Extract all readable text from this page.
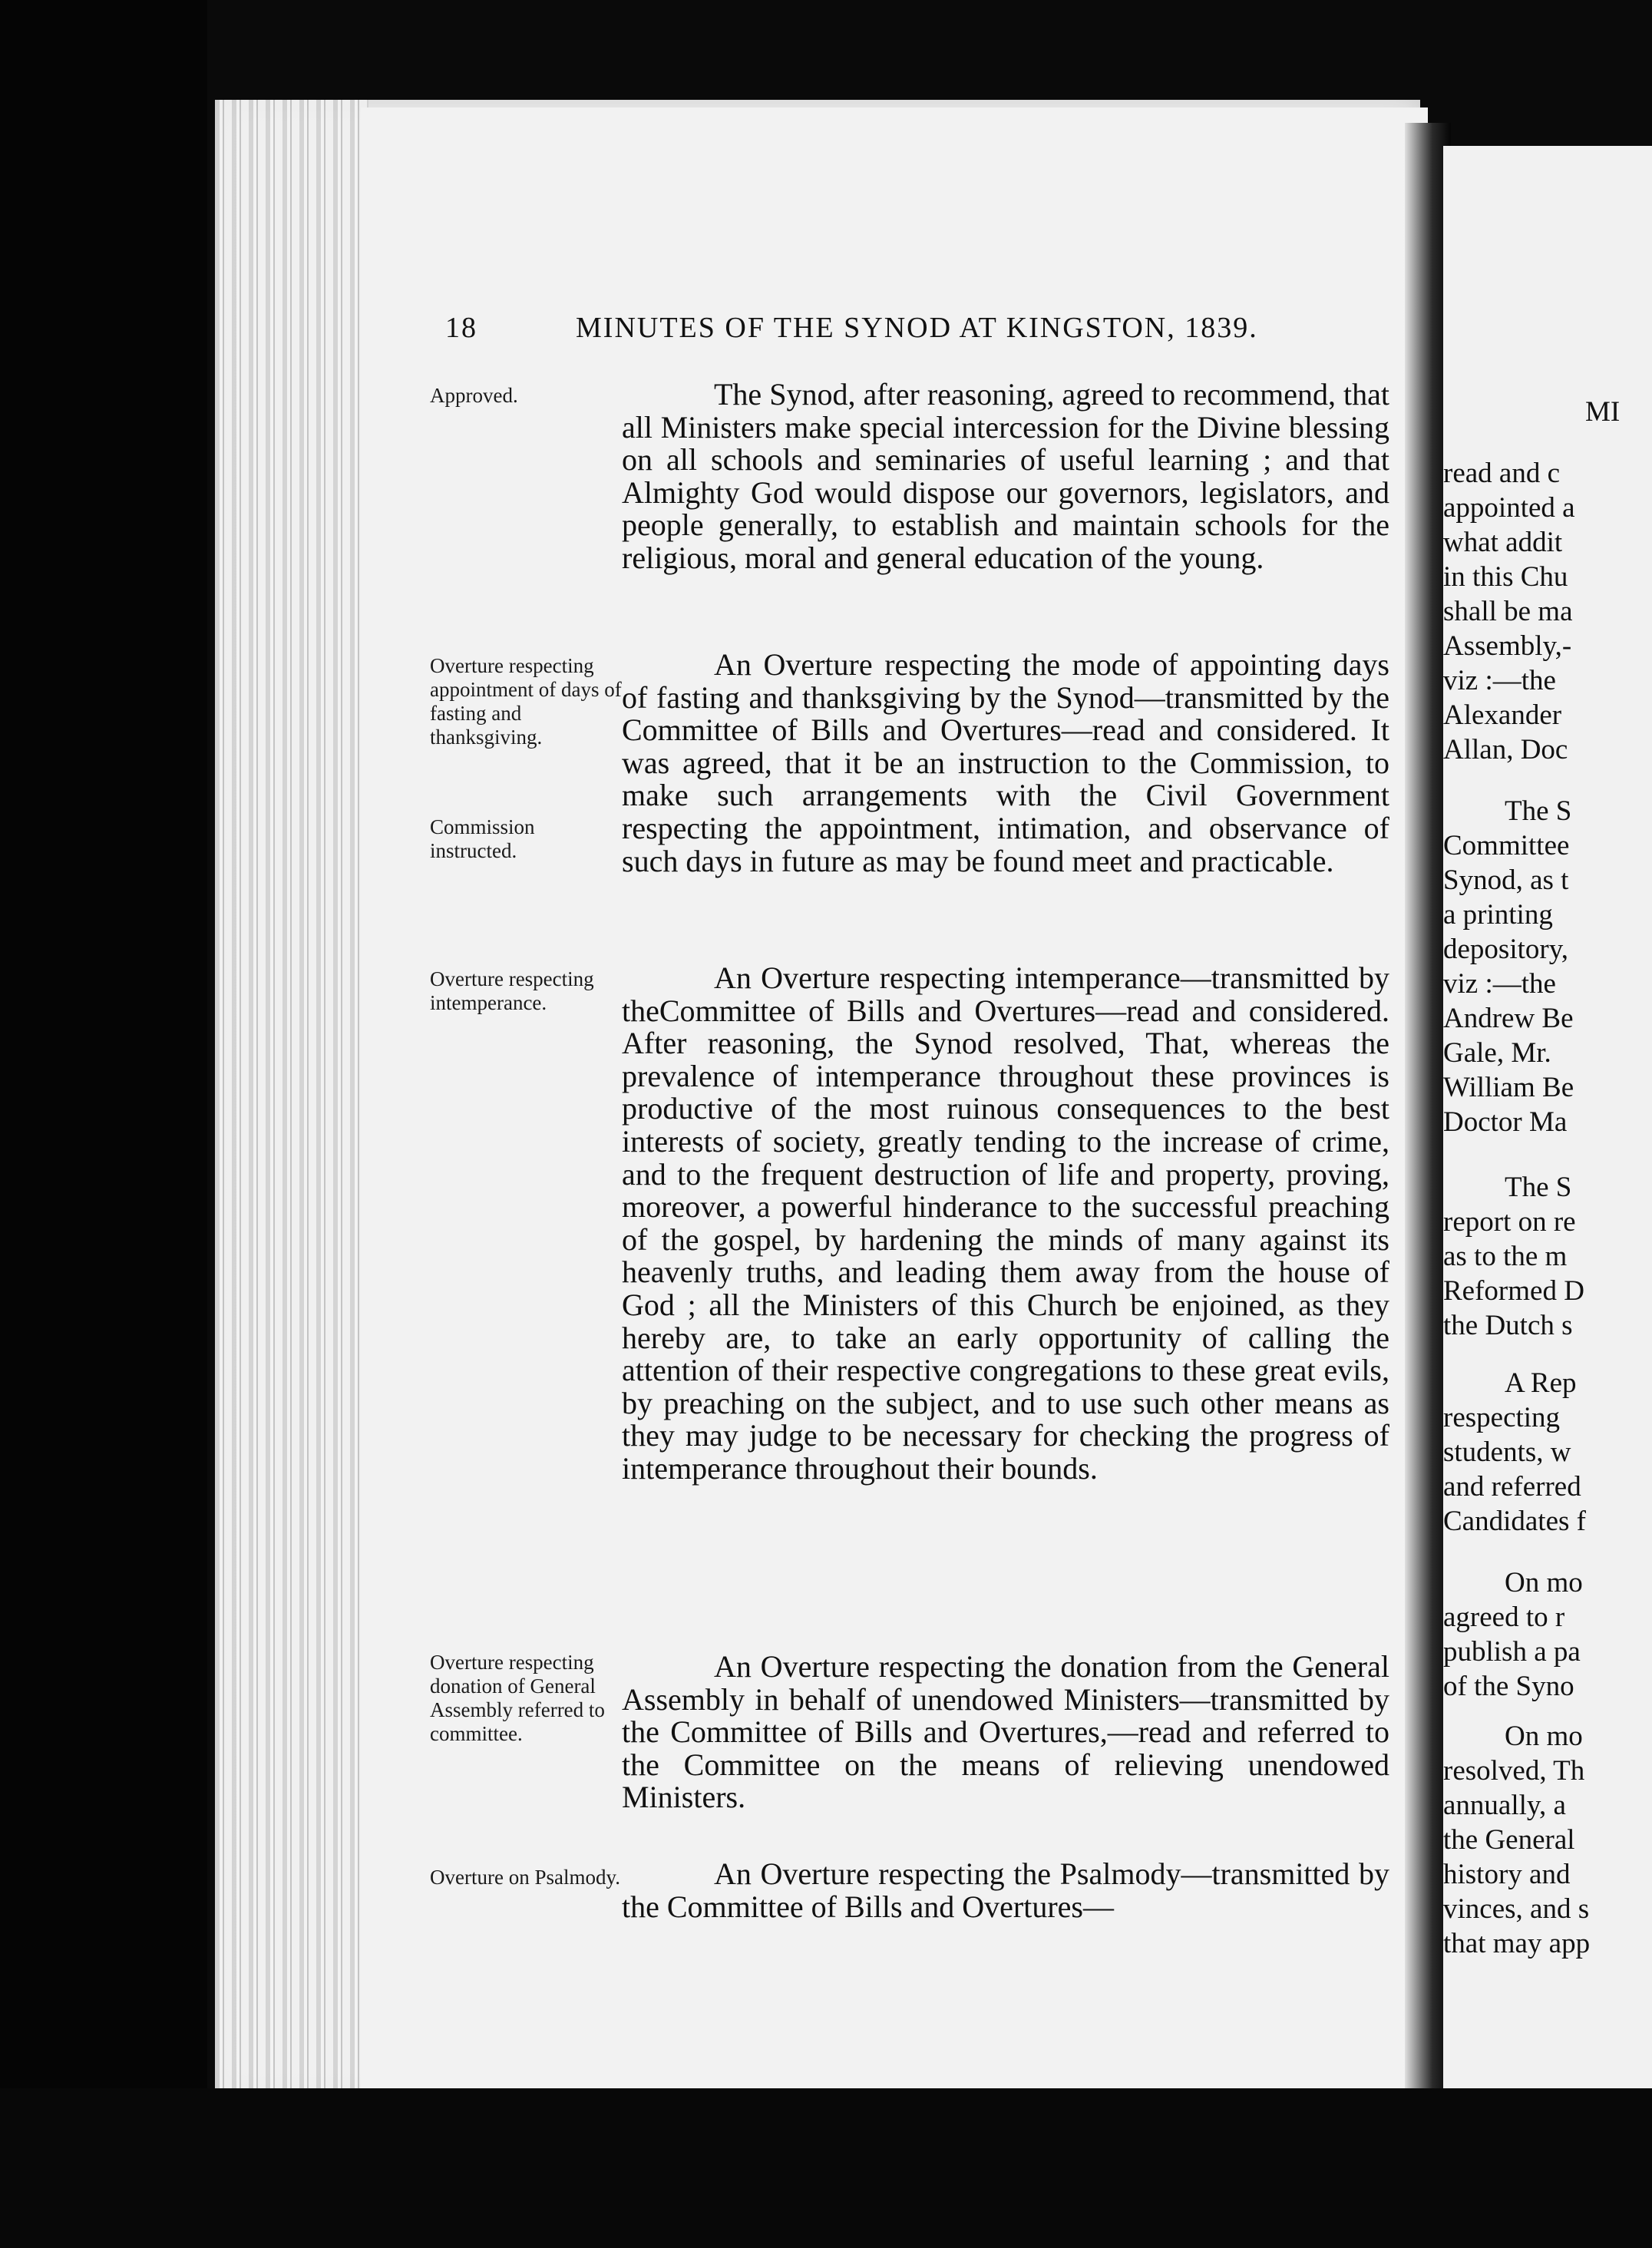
18	MINUTES OF THE SYNOD AT KINGSTON, 1839.
Approved.
Overture respecting appointment of days of fasting and thanksgiving.
Commission instructed.
Overture respecting intemperance.
Overture respecting donation of General Assembly referred to committee.
Overture on Psalmody.
The Synod, after reasoning, agreed to recommend, that all Ministers make special intercession for the Divine blessing on all schools and seminaries of useful learning ; and that Almighty God would dispose our governors, legislators, and people generally, to establish and maintain schools for the religious, moral and general education of the young.
An Overture respecting the mode of appointing days of fasting and thanksgiving by the Synod—transmitted by the Committee of Bills and Overtures—read and considered. It was agreed, that it be an instruction to the Commission, to make such arrangements with the Civil Government respecting the appointment, intimation, and observance of such days in future as may be found meet and practicable.
An Overture respecting intemperance—transmitted by theCommittee of Bills and Overtures—read and considered. After reasoning, the Synod resolved, That, whereas the prevalence of intemperance throughout these provinces is productive of the most ruinous consequences to the best interests of society, greatly tending to the increase of crime, and to the frequent destruction of life and property, proving, moreover, a powerful hinderance to the successful preaching of the gospel, by hardening the minds of many against its heavenly truths, and leading them away from the house of God ; all the Ministers of this Church be enjoined, as they hereby are, to take an early opportunity of calling the attention of their respective congregations to these great evils, by preaching on the subject, and to use such other means as they may judge to be necessary for checking the progress of intemperance throughout their bounds.
An Overture respecting the donation from the General Assembly in behalf of unendowed Ministers—transmitted by the Committee of Bills and Overtures,—read and referred to the Committee on the means of relieving unendowed Ministers.
An Overture respecting the Psalmody—transmitted by the Committee of Bills and Overtures—
MI
read and c
appointed a
what addit
in this Chu
shall be ma
Assembly,-
viz :—the
Alexander
Allan, Doc
The S
Committee
Synod, as t
a printing
depository,
viz :—the
Andrew Be
Gale, Mr.
William Be
Doctor Ma
The S
report on re
as to the m
Reformed D
the Dutch s
A Rep
respecting
students, w
and referred
Candidates f
On mo
agreed to r
publish a pa
of the Syno
On mo
resolved, Th
annually, a
the General
history and
vinces, and s
that may app
